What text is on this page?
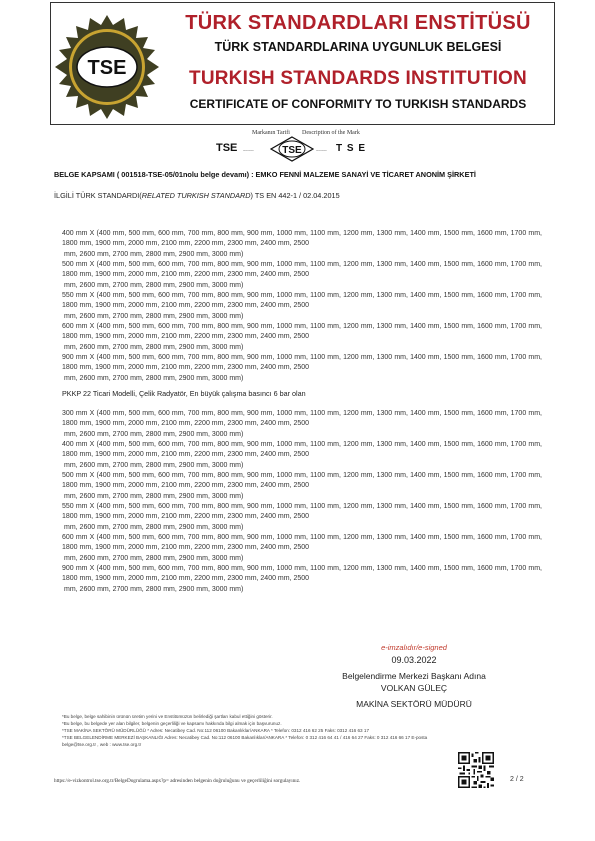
TSE
TÜRK STANDARDLARI ENSTİTÜSÜ
TÜRK STANDARDLARINA UYGUNLUK BELGESİ
TURKISH STANDARDS INSTITUTION
CERTIFICATE OF CONFORMITY TO TURKISH STANDARDS
Markanın Tarifi Description of the Mark
TSE	TSE
~~~~~	~~~~~ T S E
BELGE KAPSAMI ( 001518-TSE-05/01nolu belge devamı) : EMKO FENNİ MALZEME SANAYİ VE TİCARET ANONİM ŞİRKETİ
İLGİLİ TÜRK STANDARDI(RELATED TURKISH STANDARD) TS EN 442-1 / 02.04.2015
400 mm X (400 mm, 500 mm, 600 mm, 700 mm, 800 mm, 900 mm, 1000 mm, 1100 mm, 1200 mm, 1300 mm, 1400 mm, 1500 mm, 1600 mm, 1700 mm, 1800 mm, 1900 mm, 2000 mm, 2100 mm, 2200 mm, 2300 mm, 2400 mm, 2500
mm, 2600 mm, 2700 mm, 2800 mm, 2900 mm, 3000 mm)
500 mm X (400 mm, 500 mm, 600 mm, 700 mm, 800 mm, 900 mm, 1000 mm, 1100 mm, 1200 mm, 1300 mm, 1400 mm, 1500 mm, 1600 mm, 1700 mm, 1800 mm, 1900 mm, 2000 mm, 2100 mm, 2200 mm, 2300 mm, 2400 mm, 2500
mm, 2600 mm, 2700 mm, 2800 mm, 2900 mm, 3000 mm)
550 mm X (400 mm, 500 mm, 600 mm, 700 mm, 800 mm, 900 mm, 1000 mm, 1100 mm, 1200 mm, 1300 mm, 1400 mm, 1500 mm, 1600 mm, 1700 mm, 1800 mm, 1900 mm, 2000 mm, 2100 mm, 2200 mm, 2300 mm, 2400 mm, 2500
mm, 2600 mm, 2700 mm, 2800 mm, 2900 mm, 3000 mm)
600 mm X (400 mm, 500 mm, 600 mm, 700 mm, 800 mm, 900 mm, 1000 mm, 1100 mm, 1200 mm, 1300 mm, 1400 mm, 1500 mm, 1600 mm, 1700 mm, 1800 mm, 1900 mm, 2000 mm, 2100 mm, 2200 mm, 2300 mm, 2400 mm, 2500
mm, 2600 mm, 2700 mm, 2800 mm, 2900 mm, 3000 mm)
900 mm X (400 mm, 500 mm, 600 mm, 700 mm, 800 mm, 900 mm, 1000 mm, 1100 mm, 1200 mm, 1300 mm, 1400 mm, 1500 mm, 1600 mm, 1700 mm, 1800 mm, 1900 mm, 2000 mm, 2100 mm, 2200 mm, 2300 mm, 2400 mm, 2500
mm, 2600 mm, 2700 mm, 2800 mm, 2900 mm, 3000 mm)
PKKP 22 Ticari Modelli, Çelik Radyatör, En büyük çalışma basıncı 6 bar olan
300 mm X (400 mm, 500 mm, 600 mm, 700 mm, 800 mm, 900 mm, 1000 mm, 1100 mm, 1200 mm, 1300 mm, 1400 mm, 1500 mm, 1600 mm, 1700 mm, 1800 mm, 1900 mm, 2000 mm, 2100 mm, 2200 mm, 2300 mm, 2400 mm, 2500
mm, 2600 mm, 2700 mm, 2800 mm, 2900 mm, 3000 mm)
400 mm X (400 mm, 500 mm, 600 mm, 700 mm, 800 mm, 900 mm, 1000 mm, 1100 mm, 1200 mm, 1300 mm, 1400 mm, 1500 mm, 1600 mm, 1700 mm, 1800 mm, 1900 mm, 2000 mm, 2100 mm, 2200 mm, 2300 mm, 2400 mm, 2500
mm, 2600 mm, 2700 mm, 2800 mm, 2900 mm, 3000 mm)
500 mm X (400 mm, 500 mm, 600 mm, 700 mm, 800 mm, 900 mm, 1000 mm, 1100 mm, 1200 mm, 1300 mm, 1400 mm, 1500 mm, 1600 mm, 1700 mm, 1800 mm, 1900 mm, 2000 mm, 2100 mm, 2200 mm, 2300 mm, 2400 mm, 2500
mm, 2600 mm, 2700 mm, 2800 mm, 2900 mm, 3000 mm)
550 mm X (400 mm, 500 mm, 600 mm, 700 mm, 800 mm, 900 mm, 1000 mm, 1100 mm, 1200 mm, 1300 mm, 1400 mm, 1500 mm, 1600 mm, 1700 mm, 1800 mm, 1900 mm, 2000 mm, 2100 mm, 2200 mm, 2300 mm, 2400 mm, 2500
mm, 2600 mm, 2700 mm, 2800 mm, 2900 mm, 3000 mm)
600 mm X (400 mm, 500 mm, 600 mm, 700 mm, 800 mm, 900 mm, 1000 mm, 1100 mm, 1200 mm, 1300 mm, 1400 mm, 1500 mm, 1600 mm, 1700 mm, 1800 mm, 1900 mm, 2000 mm, 2100 mm, 2200 mm, 2300 mm, 2400 mm, 2500
mm, 2600 mm, 2700 mm, 2800 mm, 2900 mm, 3000 mm)
900 mm X (400 mm, 500 mm, 600 mm, 700 mm, 800 mm, 900 mm, 1000 mm, 1100 mm, 1200 mm, 1300 mm, 1400 mm, 1500 mm, 1600 mm, 1700 mm, 1800 mm, 1900 mm, 2000 mm, 2100 mm, 2200 mm, 2300 mm, 2400 mm, 2500
mm, 2600 mm, 2700 mm, 2800 mm, 2900 mm, 3000 mm)
e-imzalıdır/e-signed
09.03.2022
Belgelendirme Merkezi Başkanı Adına
VOLKAN GÜLEÇ
MAKİNA SEKTÖRÜ MÜDÜRÜ
*Bu belge, belge sahibinin ürünün üretim yerini ve Enstitümüzün belirlediği şartları kabul ettiğini gösterir.
*Bu belge, bu belgede yer alan bilgiler, belgenin geçerliliği ve kapsamı hakkında bilgi almak için başvurunuz.
*TSE MAKİNA SEKTÖRÜ MÜDÜRLÜĞÜ * Adres: Necatibey Cad. No:112 06100 Bakanlıklar/ANKARA * Telefon: 0312 416 62 25 Faks: 0312 416 63 17
*TSE BELGELENDİRME MERKEZİ BAŞKANLIĞI Adres: Necatibey Cad. No:112 06100 Bakanlıklar/ANKARA * Telefon: 0 312 416 64 41 / 416 64 27 Faks: 0 312 416 66 17 E-posta
belge@tse.org.tr , web : www.tse.org.tr
https://e-vizkontrol.tse.org.tr/BelgeDogrulama.aspx?p= adresinden belgenin doğruluğunu ve geçerliliğini sorgulayınız.	2 / 2
